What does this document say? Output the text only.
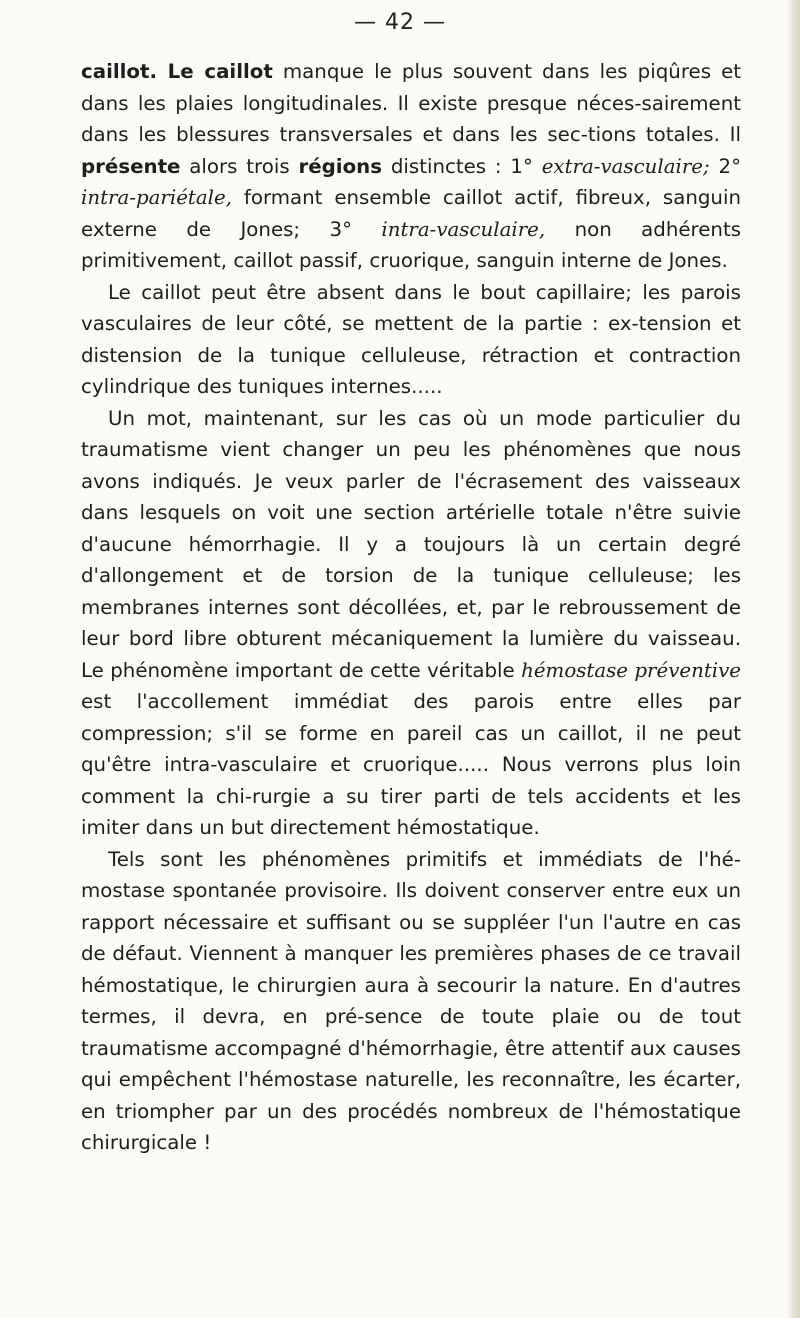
— 42 —

caillot. Le caillot manque le plus souvent dans les piqûres et dans les plaies longitudinales. Il existe presque néces-sairement dans les blessures transversales et dans les sec-tions totales. Il présente alors trois régions distinctes : 1° extra-vasculaire; 2° intra-pariétale, formant ensemble caillot actif, fibreux, sanguin externe de Jones; 3° intra-vasculaire, non adhérents primitivement, caillot passif, cruorique, sanguin interne de Jones.

Le caillot peut être absent dans le bout capillaire; les parois vasculaires de leur côté, se mettent de la partie : ex-tension et distension de la tunique celluleuse, rétraction et contraction cylindrique des tuniques internes.....

Un mot, maintenant, sur les cas où un mode particulier du traumatisme vient changer un peu les phénomènes que nous avons indiqués. Je veux parler de l'écrasement des vaisseaux dans lesquels on voit une section artérielle totale n'être suivie d'aucune hémorrhagie. Il y a toujours là un certain degré d'allongement et de torsion de la tunique celluleuse; les membranes internes sont décollées, et, par le rebroussement de leur bord libre obturent mécaniquement la lumière du vaisseau. Le phénomène important de cette véritable hémostase préventive est l'accollement immédiat des parois entre elles par compression; s'il se forme en pareil cas un caillot, il ne peut qu'être intra-vasculaire et cruorique..... Nous verrons plus loin comment la chi-rurgie a su tirer parti de tels accidents et les imiter dans un but directement hémostatique.

Tels sont les phénomènes primitifs et immédiats de l'hé-mostase spontanée provisoire. Ils doivent conserver entre eux un rapport nécessaire et suffisant ou se suppléer l'un l'autre en cas de défaut. Viennent à manquer les premières phases de ce travail hémostatique, le chirurgien aura à secourir la nature. En d'autres termes, il devra, en pré-sence de toute plaie ou de tout traumatisme accompagné d'hémorrhagie, être attentif aux causes qui empêchent l'hémostase naturelle, les reconnaître, les écarter, en triompher par un des procédés nombreux de l'hémostatique chirurgicale !
